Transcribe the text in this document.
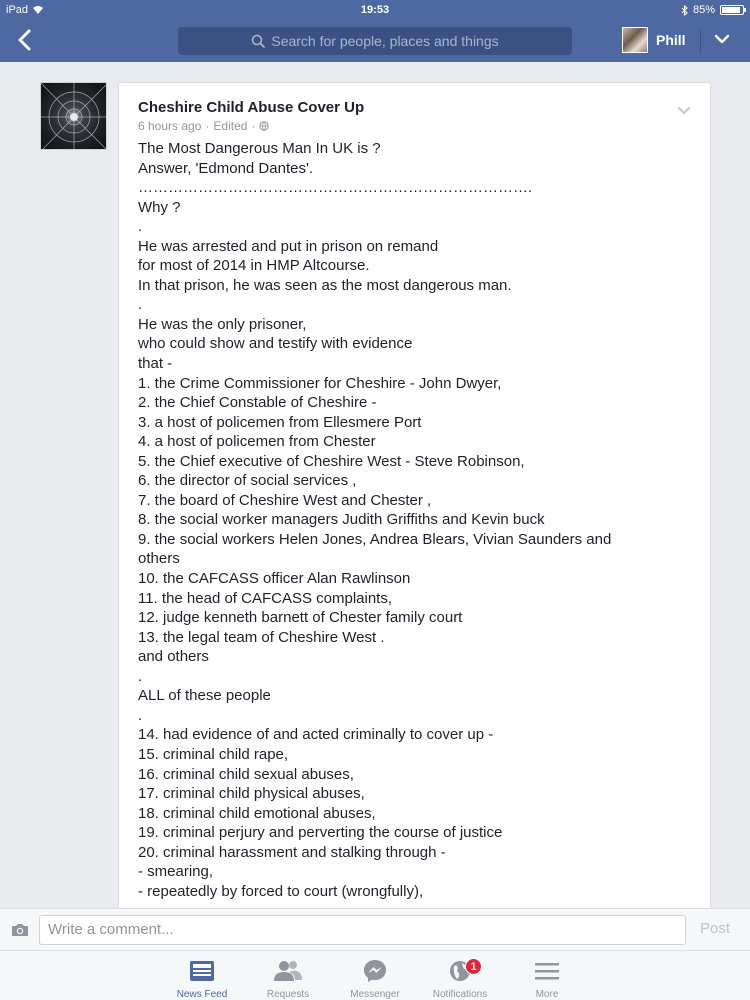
iPad	19:53	85%
Search for people, places and things	Phill
Cheshire Child Abuse Cover Up
6 hours ago · Edited ·
The Most Dangerous Man In UK is ?
Answer, 'Edmond Dantes'.
…………………………………………………………………….
Why ?
.
He was arrested and put in prison on remand
for most of 2014 in HMP Altcourse.
In that prison, he was seen as the most dangerous man.
.
He was the only prisoner,
who could show and testify with evidence
that -
1. the Crime Commissioner for Cheshire - John Dwyer,
2. the Chief Constable of Cheshire -
3. a host of policemen from Ellesmere Port
4. a host of policemen from Chester
5. the Chief executive of Cheshire West - Steve Robinson,
6. the director of social services ,
7. the board of Cheshire West and Chester ,
8. the social worker managers Judith Griffiths and Kevin buck
9. the social workers Helen Jones, Andrea Blears, Vivian Saunders and
others
10. the CAFCASS officer Alan Rawlinson
11. the head of CAFCASS complaints,
12. judge kenneth barnett of Chester family court
13. the legal team of Cheshire West .
and others
.
ALL of these people
.
14. had evidence of and acted criminally to cover up -
15. criminal child rape,
16. criminal child sexual abuses,
17. criminal child physical abuses,
18. criminal child emotional abuses,
19. criminal perjury and perverting the course of justice
20. criminal harassment and stalking through -
- smearing,
- repeatedly by forced to court (wrongfully),
Write a comment...	Post
News Feed	Requests	Messenger
1
Notifications	More
